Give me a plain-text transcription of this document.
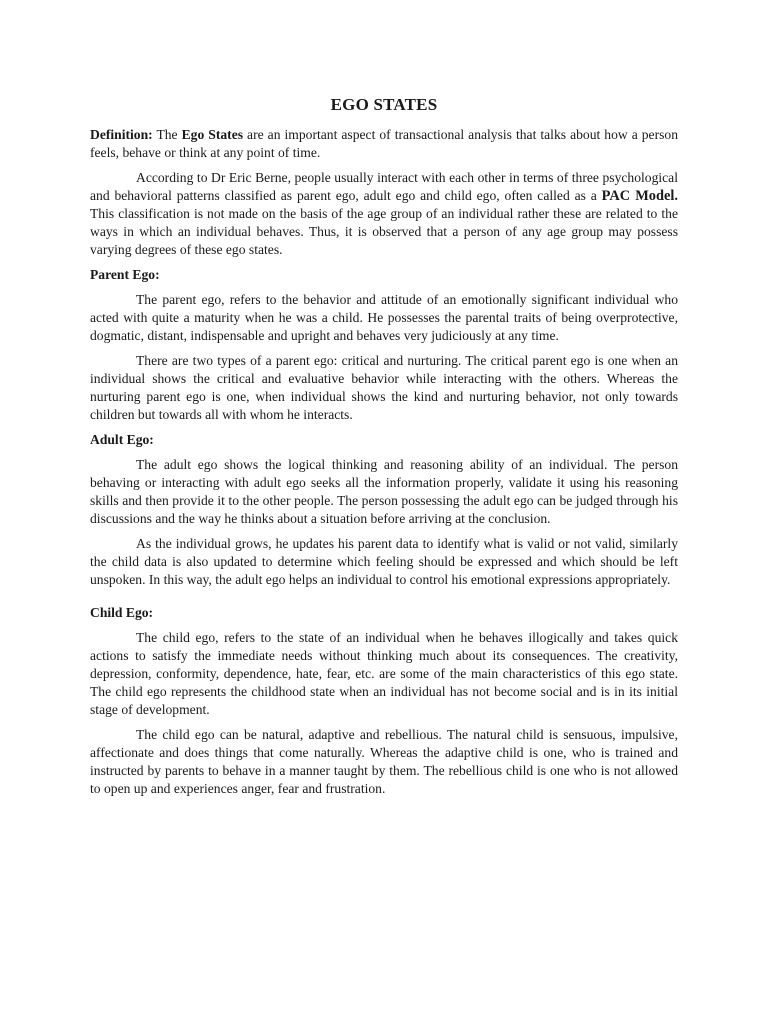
EGO STATES

Definition: The Ego States are an important aspect of transactional analysis that talks about how a person feels, behave or think at any point of time.

According to Dr Eric Berne, people usually interact with each other in terms of three psychological and behavioral patterns classified as parent ego, adult ego and child ego, often called as a PAC Model. This classification is not made on the basis of the age group of an individual rather these are related to the ways in which an individual behaves. Thus, it is observed that a person of any age group may possess varying degrees of these ego states.

Parent Ego:

The parent ego, refers to the behavior and attitude of an emotionally significant individual who acted with quite a maturity when he was a child. He possesses the parental traits of being overprotective, dogmatic, distant, indispensable and upright and behaves very judiciously at any time.

There are two types of a parent ego: critical and nurturing. The critical parent ego is one when an individual shows the critical and evaluative behavior while interacting with the others. Whereas the nurturing parent ego is one, when individual shows the kind and nurturing behavior, not only towards children but towards all with whom he interacts.

Adult Ego:

The adult ego shows the logical thinking and reasoning ability of an individual. The person behaving or interacting with adult ego seeks all the information properly, validate it using his reasoning skills and then provide it to the other people. The person possessing the adult ego can be judged through his discussions and the way he thinks about a situation before arriving at the conclusion.

As the individual grows, he updates his parent data to identify what is valid or not valid, similarly the child data is also updated to determine which feeling should be expressed and which should be left unspoken. In this way, the adult ego helps an individual to control his emotional expressions appropriately.

Child Ego:

The child ego, refers to the state of an individual when he behaves illogically and takes quick actions to satisfy the immediate needs without thinking much about its consequences. The creativity, depression, conformity, dependence, hate, fear, etc. are some of the main characteristics of this ego state. The child ego represents the childhood state when an individual has not become social and is in its initial stage of development.

The child ego can be natural, adaptive and rebellious. The natural child is sensuous, impulsive, affectionate and does things that come naturally. Whereas the adaptive child is one, who is trained and instructed by parents to behave in a manner taught by them. The rebellious child is one who is not allowed to open up and experiences anger, fear and frustration.
